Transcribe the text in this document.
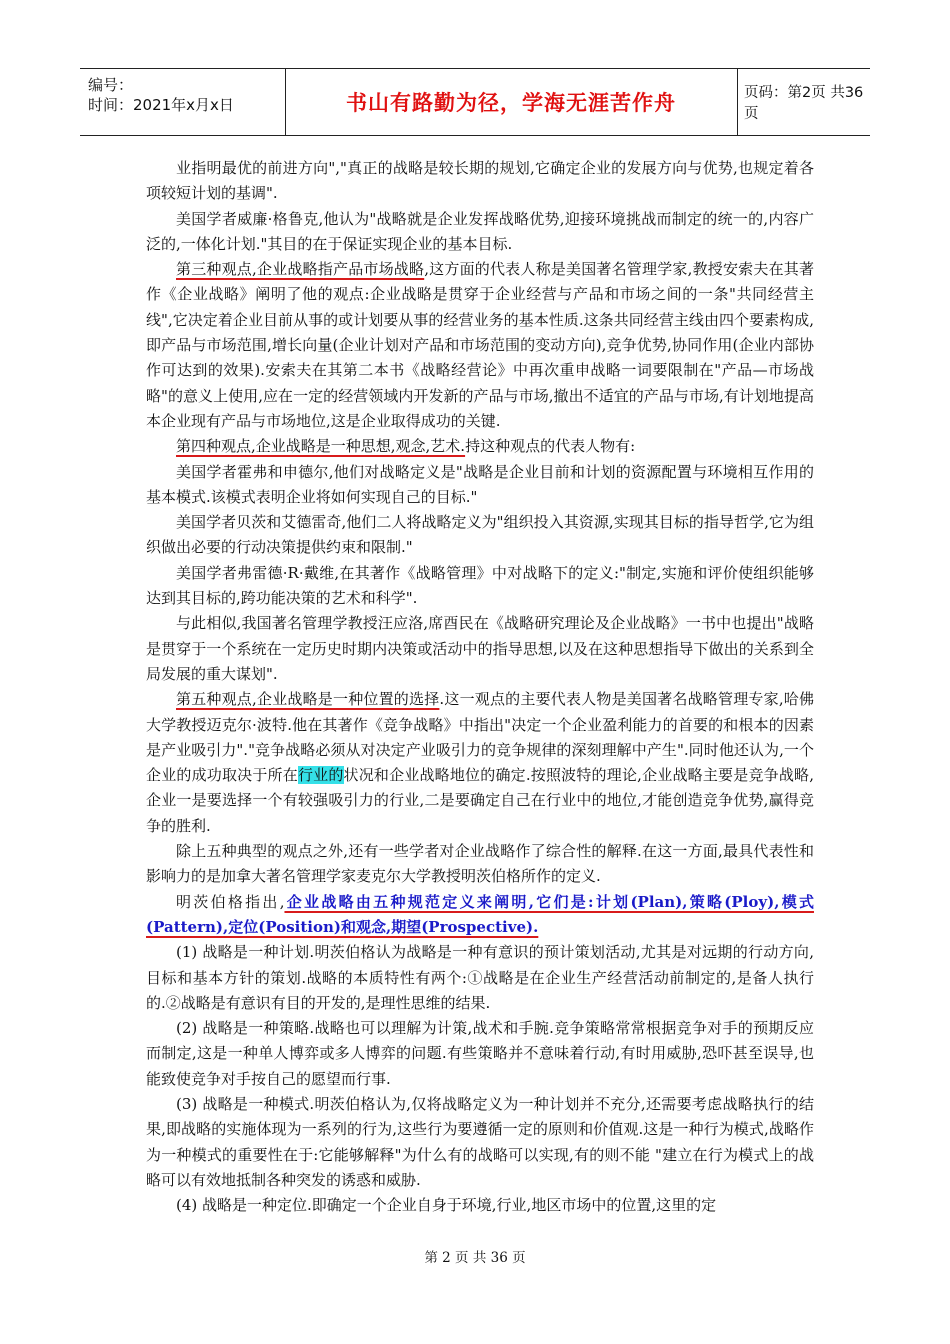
编号：
时间：2021年x月x日	书山有路勤为径，学海无涯苦作舟	页码：第2页 共36页

业指明最优的前进方向","真正的战略是较长期的规划,它确定企业的发展方向与优势,也规定着各项较短计划的基调".

美国学者威廉·格鲁克,他认为"战略就是企业发挥战略优势,迎接环境挑战而制定的统一的,内容广泛的,一体化计划."其目的在于保证实现企业的基本目标.

第三种观点,企业战略指产品市场战略,这方面的代表人称是美国著名管理学家,教授安索夫在其著作《企业战略》阐明了他的观点:企业战略是贯穿于企业经营与产品和市场之间的一条"共同经营主线",它决定着企业目前从事的或计划要从事的经营业务的基本性质.这条共同经营主线由四个要素构成,即产品与市场范围,增长向量(企业计划对产品和市场范围的变动方向),竞争优势,协同作用(企业内部协作可达到的效果).安索夫在其第二本书《战略经营论》中再次重申战略一词要限制在"产品—市场战略"的意义上使用,应在一定的经营领域内开发新的产品与市场,撤出不适宜的产品与市场,有计划地提高本企业现有产品与市场地位,这是企业取得成功的关键.

第四种观点,企业战略是一种思想,观念,艺术.持这种观点的代表人物有:

美国学者霍弗和申德尔,他们对战略定义是"战略是企业目前和计划的资源配置与环境相互作用的基本模式.该模式表明企业将如何实现自己的目标."

美国学者贝茨和艾德雷奇,他们二人将战略定义为"组织投入其资源,实现其目标的指导哲学,它为组织做出必要的行动决策提供约束和限制."

美国学者弗雷德·R·戴维,在其著作《战略管理》中对战略下的定义:"制定,实施和评价使组织能够达到其目标的,跨功能决策的艺术和科学".

与此相似,我国著名管理学教授汪应洛,席酉民在《战略研究理论及企业战略》一书中也提出"战略是贯穿于一个系统在一定历史时期内决策或活动中的指导思想,以及在这种思想指导下做出的关系到全局发展的重大谋划".

第五种观点,企业战略是一种位置的选择.这一观点的主要代表人物是美国著名战略管理专家,哈佛大学教授迈克尔·波特.他在其著作《竞争战略》中指出"决定一个企业盈利能力的首要的和根本的因素是产业吸引力"."竞争战略必须从对决定产业吸引力的竞争规律的深刻理解中产生".同时他还认为,一个企业的成功取决于所在行业的状况和企业战略地位的确定.按照波特的理论,企业战略主要是竞争战略,企业一是要选择一个有较强吸引力的行业,二是要确定自己在行业中的地位,才能创造竞争优势,赢得竞争的胜利.

除上五种典型的观点之外,还有一些学者对企业战略作了综合性的解释.在这一方面,最具代表性和影响力的是加拿大著名管理学家麦克尔大学教授明茨伯格所作的定义.

明茨伯格指出,企业战略由五种规范定义来阐明,它们是:计划(Plan),策略(Ploy),模式(Pattern),定位(Position)和观念,期望(Prospective).

(1) 战略是一种计划.明茨伯格认为战略是一种有意识的预计策划活动,尤其是对远期的行动方向,目标和基本方针的策划.战略的本质特性有两个:①战略是在企业生产经营活动前制定的,是备人执行的.②战略是有意识有目的开发的,是理性思维的结果.

(2) 战略是一种策略.战略也可以理解为计策,战术和手腕.竞争策略常常根据竞争对手的预期反应而制定,这是一种单人博弈或多人博弈的问题.有些策略并不意味着行动,有时用威胁,恐吓甚至误导,也能致使竞争对手按自己的愿望而行事.

(3) 战略是一种模式.明茨伯格认为,仅将战略定义为一种计划并不充分,还需要考虑战略执行的结果,即战略的实施体现为一系列的行为,这些行为要遵循一定的原则和价值观.这是一种行为模式,战略作为一种模式的重要性在于:它能够解释"为什么有的战略可以实现,有的则不能 "建立在行为模式上的战略可以有效地抵制各种突发的诱惑和威胁.

(4) 战略是一种定位.即确定一个企业自身于环境,行业,地区市场中的位置,这里的定

第 2 页 共 36 页
